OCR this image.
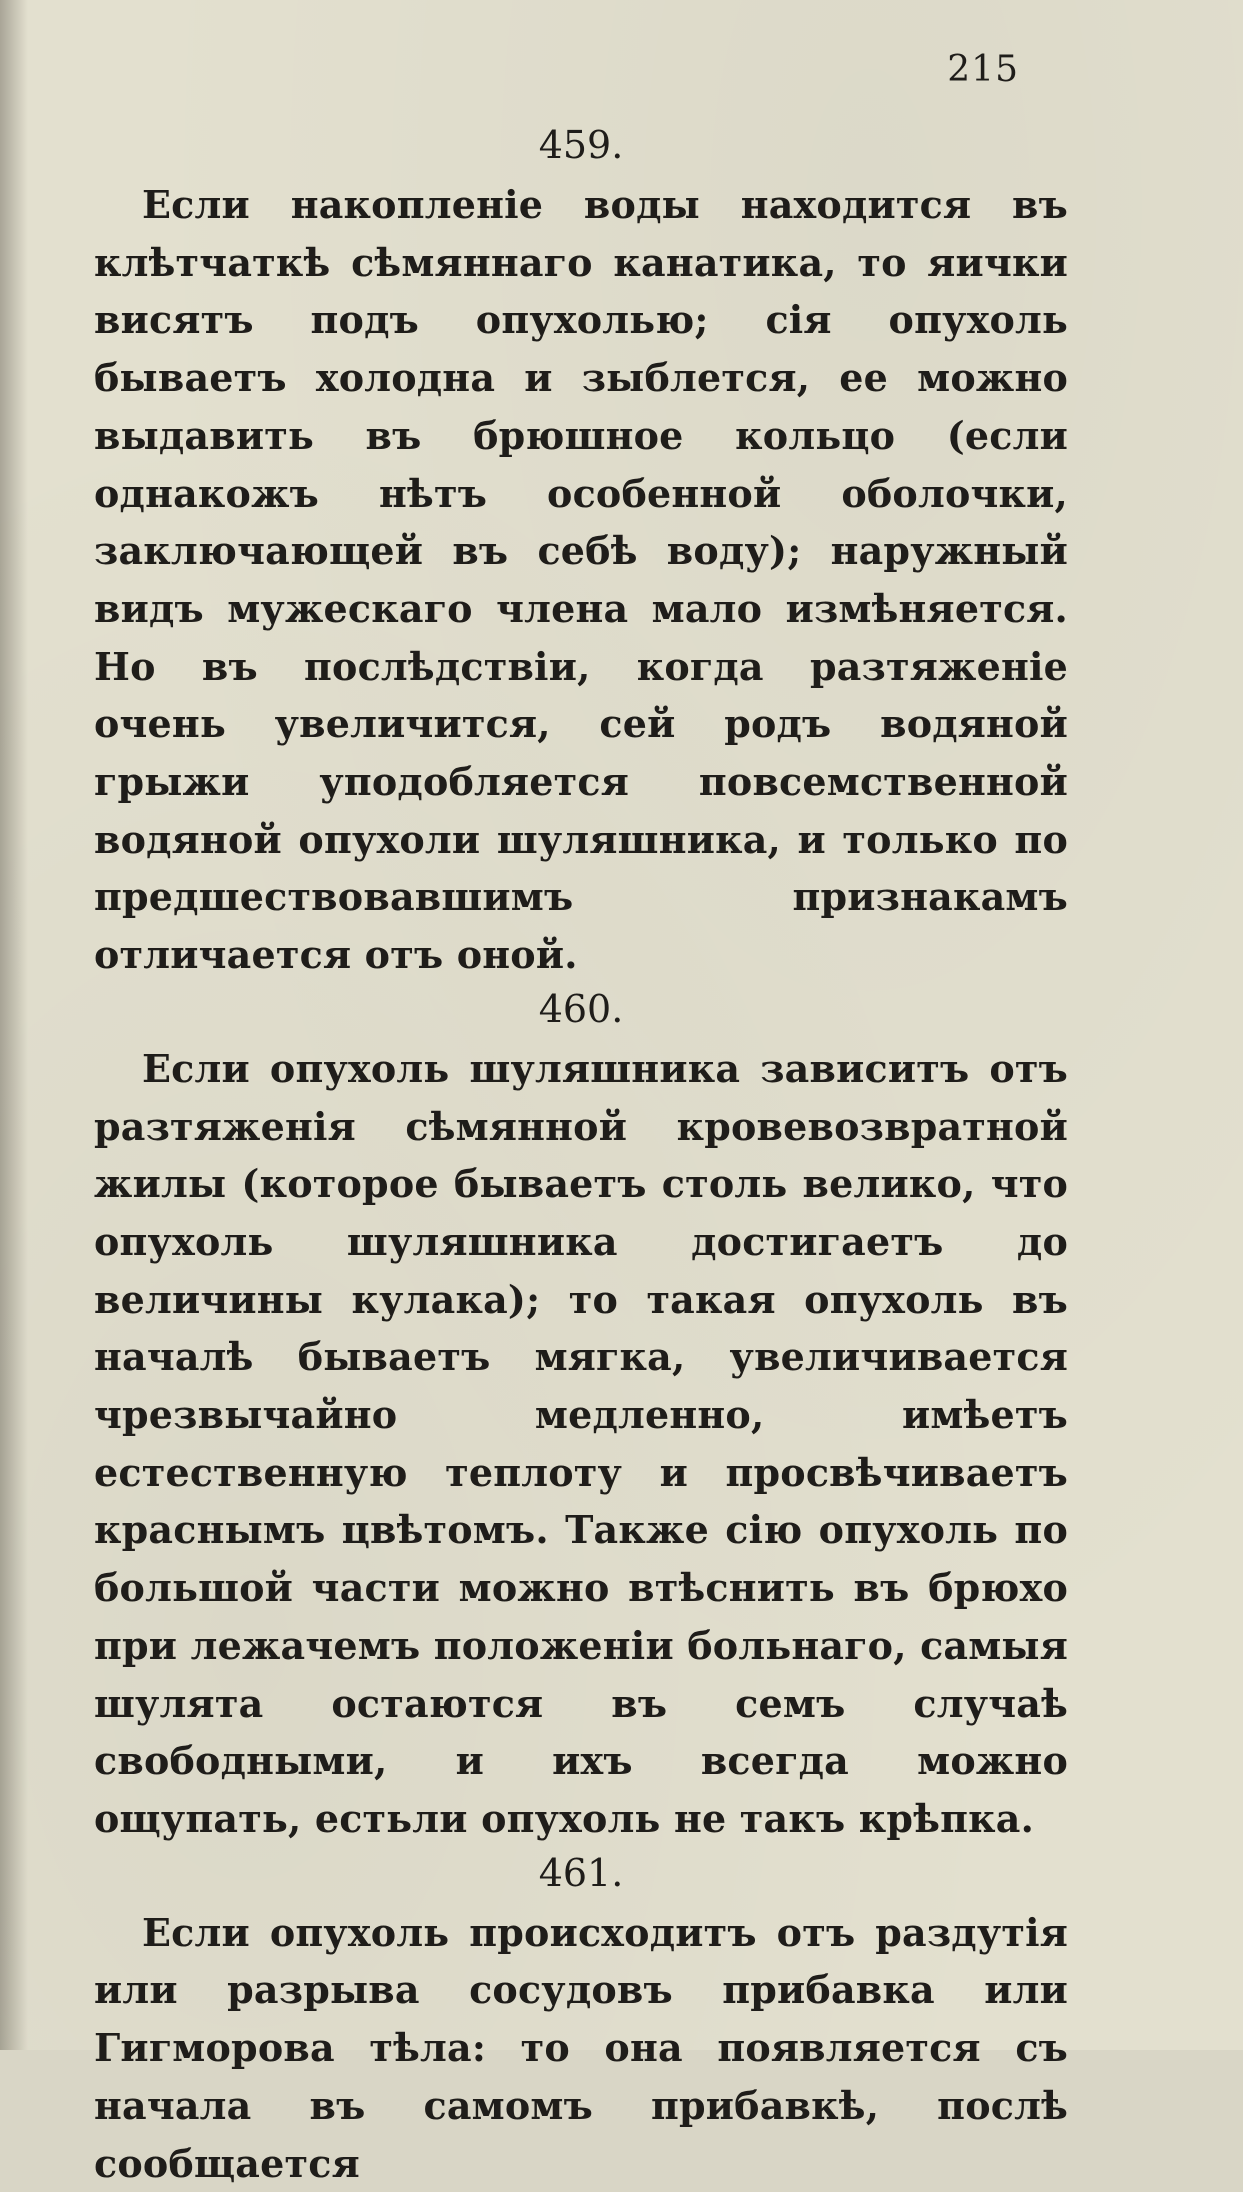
215
459.

Если накопленіе воды находится въ клѣтчаткѣ сѣмяннаго канатика, то яички висятъ подъ опухолью; сія опухоль бываетъ холодна и зыблется, ее можно выдавить въ брюшное кольцо (если однакожъ нѣтъ особенной оболочки, заключающей въ себѣ воду); наружный видъ мужескаго члена мало измѣняется. Но въ послѣдствіи, когда разтяженіе очень увеличится, сей родъ водяной грыжи уподобляется повсемственной водяной опухоли шуляшника, и только по предшествовавшимъ признакамъ отличается отъ оной.

460.

Если опухоль шуляшника зависитъ отъ разтяженія сѣмянной кровевозвратной жилы (которое бываетъ столь велико, что опухоль шуляшника достигаетъ до величины кулака); то такая опухоль въ началѣ бываетъ мягка, увеличивается чрезвычайно медленно, имѣетъ естественную теплоту и просвѣчиваетъ краснымъ цвѣтомъ. Также сію опухоль по большой части можно втѣснить въ брюхо при лежачемъ положеніи больнаго, самыя шулята остаются въ семъ случаѣ свободными, и ихъ всегда можно ощупать, естьли опухоль не такъ крѣпка.

461.

Если опухоль происходитъ отъ раздутія или разрыва сосудовъ прибавка или Гигморова тѣла: то она появляется съ начала въ самомъ прибавкѣ, послѣ сообщается
